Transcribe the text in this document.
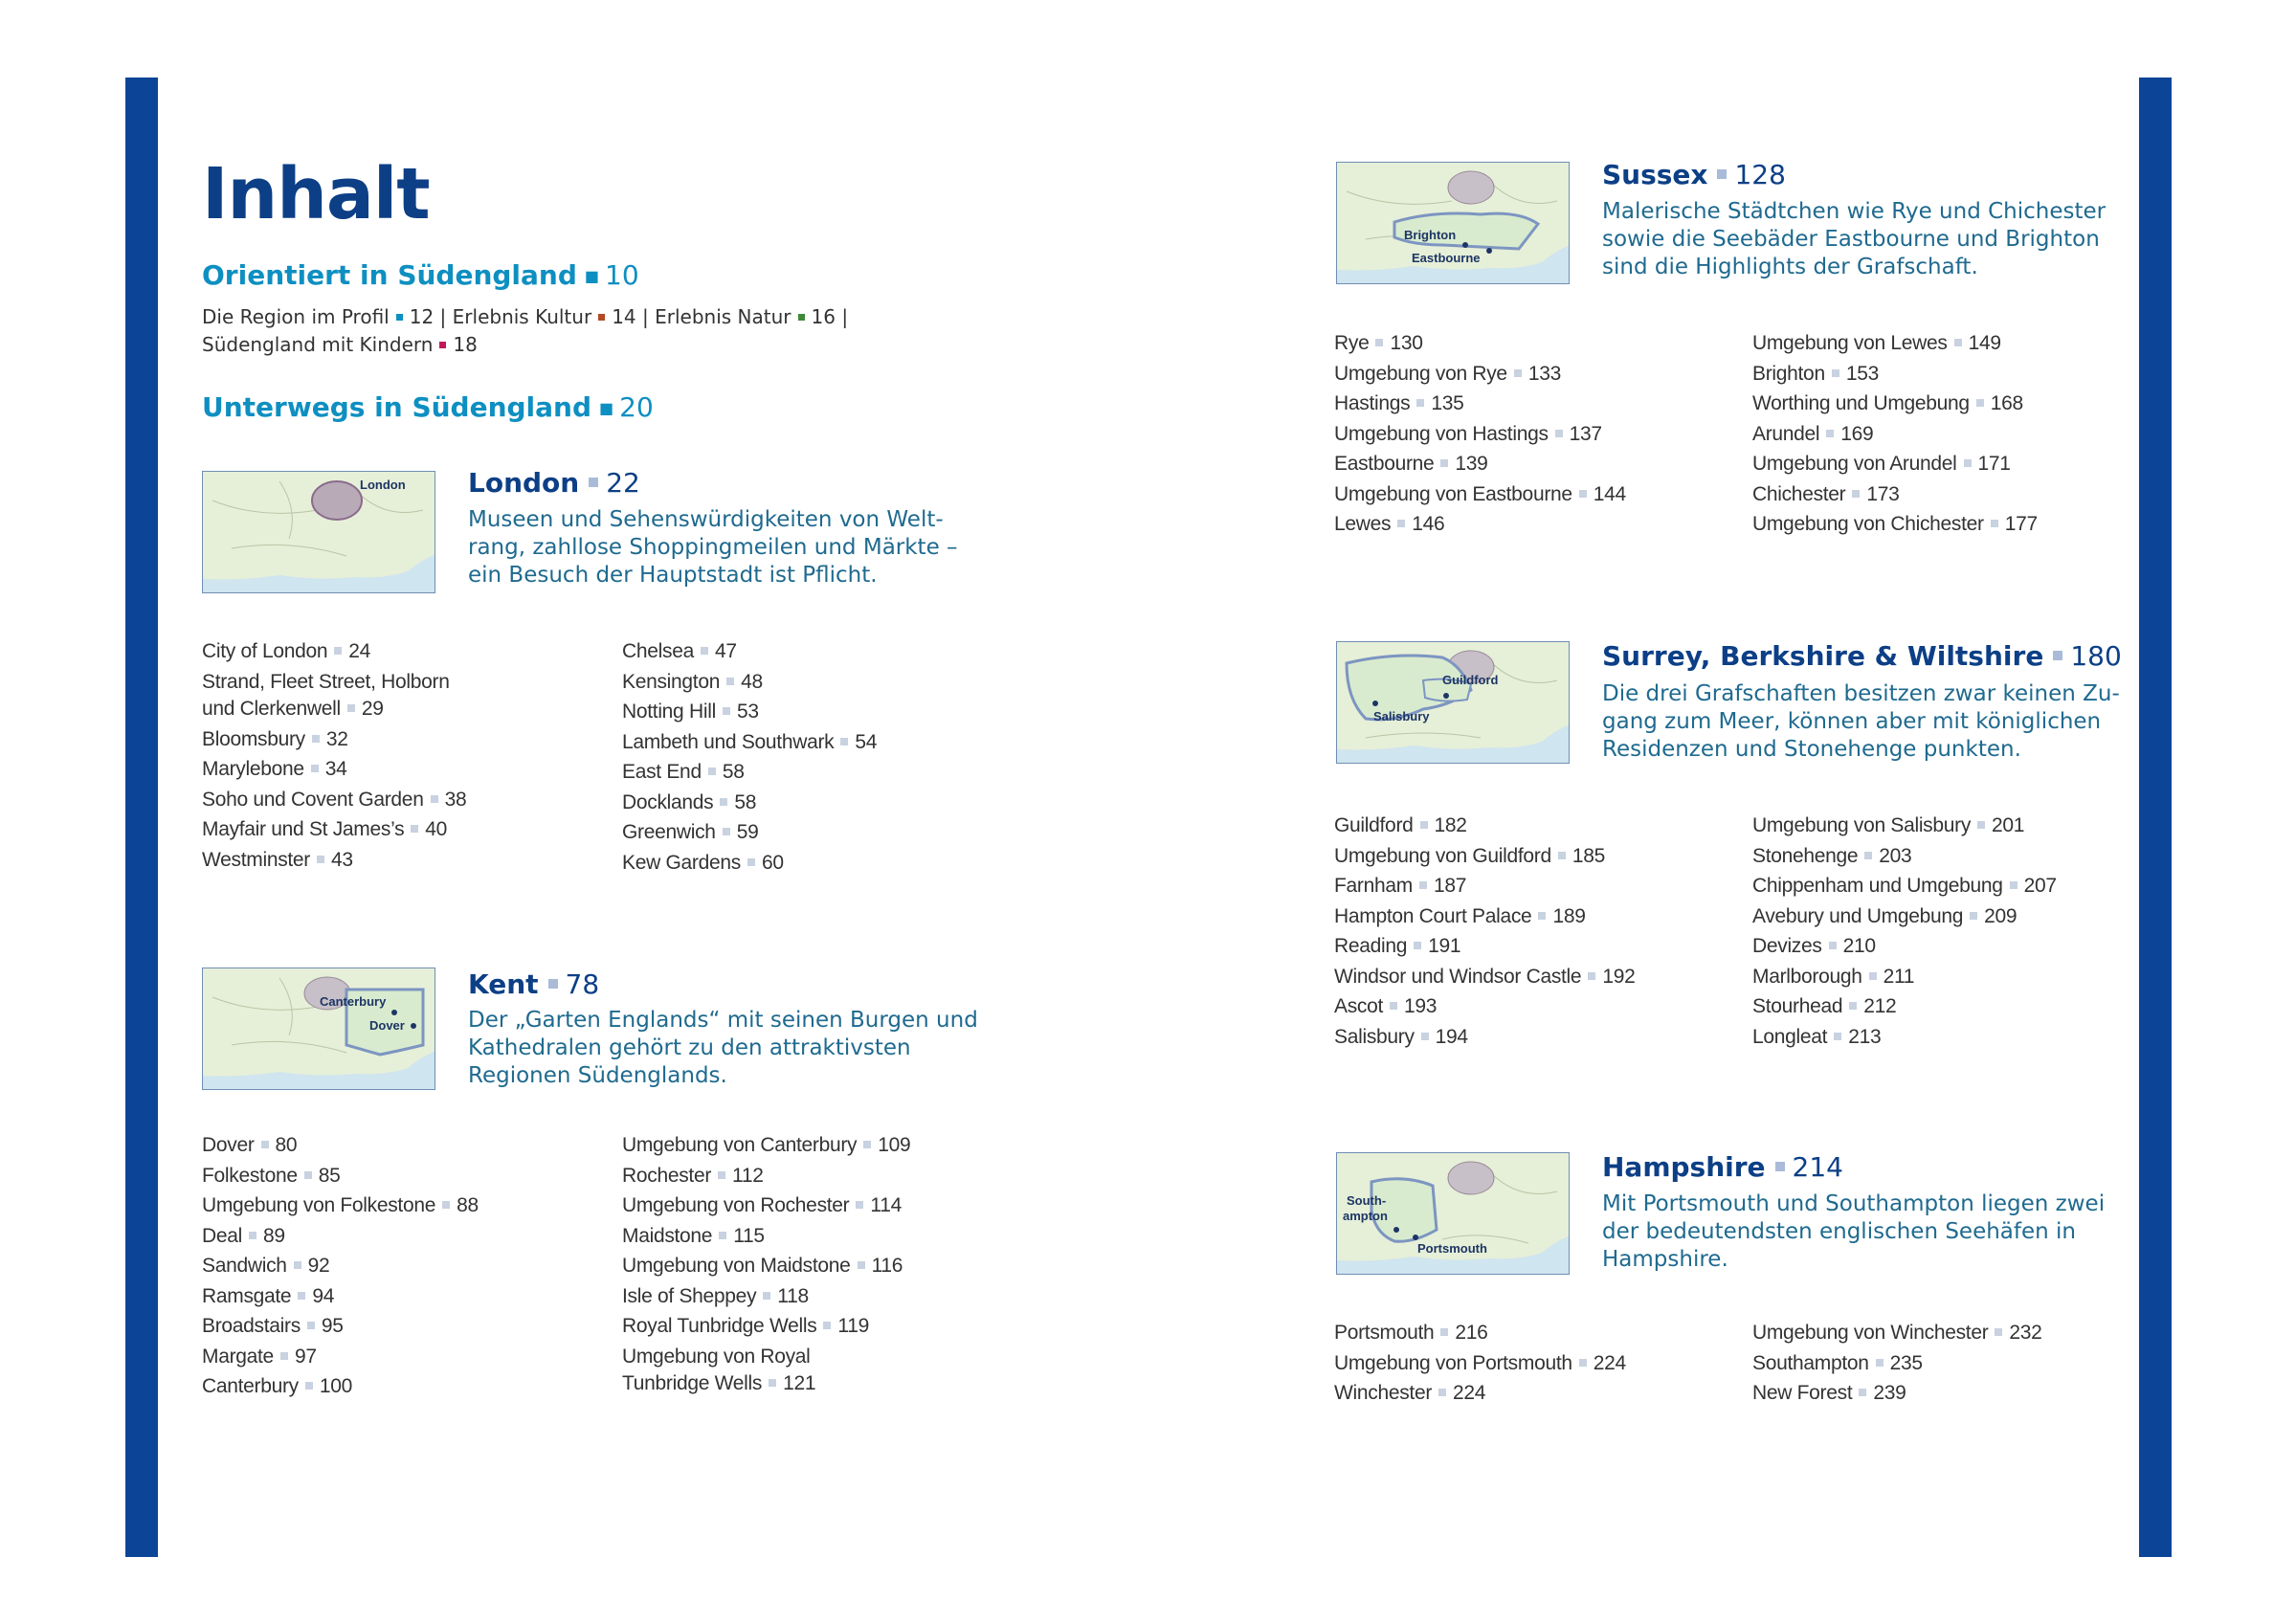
Inhalt
Orientiert in Südengland ■ 10
Die Region im Profil 12 | Erlebnis Kultur 14 | Erlebnis Natur 16 | Südengland mit Kindern 18
Unterwegs in Südengland ■ 20
London London 22

Museen und Sehenswürdigkeiten von Welt-
rang, zahllose Shoppingmeilen und Märkte –
ein Besuch der Hauptstadt ist Pflicht.

City of London 24
Strand, Fleet Street, Holborn
und Clerkenwell 29
Bloomsbury 32
Marylebone 34
Soho und Covent Garden 38
Mayfair und St James’s 40
Westminster 43
Chelsea 47
Kensington 48
Notting Hill 53
Lambeth und Southwark 54
East End 58
Docklands 58
Greenwich 59
Kew Gardens 60
Canterbury
Dover
Kent 78

Der „Garten Englands“ mit seinen Burgen und
Kathedralen gehört zu den attraktivsten
Regionen Südenglands.

Dover 80
Folkestone 85
Umgebung von Folkestone 88
Deal 89
Sandwich 92
Ramsgate 94
Broadstairs 95
Margate 97
Canterbury 100
Umgebung von Canterbury 109
Rochester 112
Umgebung von Rochester 114
Maidstone 115
Umgebung von Maidstone 116
Isle of Sheppey 118
Royal Tunbridge Wells 119
Umgebung von Royal
Tunbridge Wells 121
Brighton
Eastbourne
Sussex 128

Malerische Städtchen wie Rye und Chichester
sowie die Seebäder Eastbourne und Brighton
sind die Highlights der Grafschaft.

Rye 130
Umgebung von Rye 133
Hastings 135
Umgebung von Hastings 137
Eastbourne 139
Umgebung von Eastbourne 144
Lewes 146
Umgebung von Lewes 149
Brighton 153
Worthing und Umgebung 168
Arundel 169
Umgebung von Arundel 171
Chichester 173
Umgebung von Chichester 177
Guildford
Salisbury
Surrey, Berkshire & Wiltshire 180

Die drei Grafschaften besitzen zwar keinen Zu-
gang zum Meer, können aber mit königlichen
Residenzen und Stonehenge punkten.

Guildford 182
Umgebung von Guildford 185
Farnham 187
Hampton Court Palace 189
Reading 191
Windsor und Windsor Castle 192
Ascot 193
Salisbury 194
Umgebung von Salisbury 201
Stonehenge 203
Chippenham und Umgebung 207
Avebury und Umgebung 209
Devizes 210
Marlborough 211
Stourhead 212
Longleat 213
South-
ampton
Portsmouth
Hampshire 214

Mit Portsmouth und Southampton liegen zwei
der bedeutendsten englischen Seehäfen in
Hampshire.

Portsmouth 216
Umgebung von Portsmouth 224
Winchester 224
Umgebung von Winchester 232
Southampton 235
New Forest 239
